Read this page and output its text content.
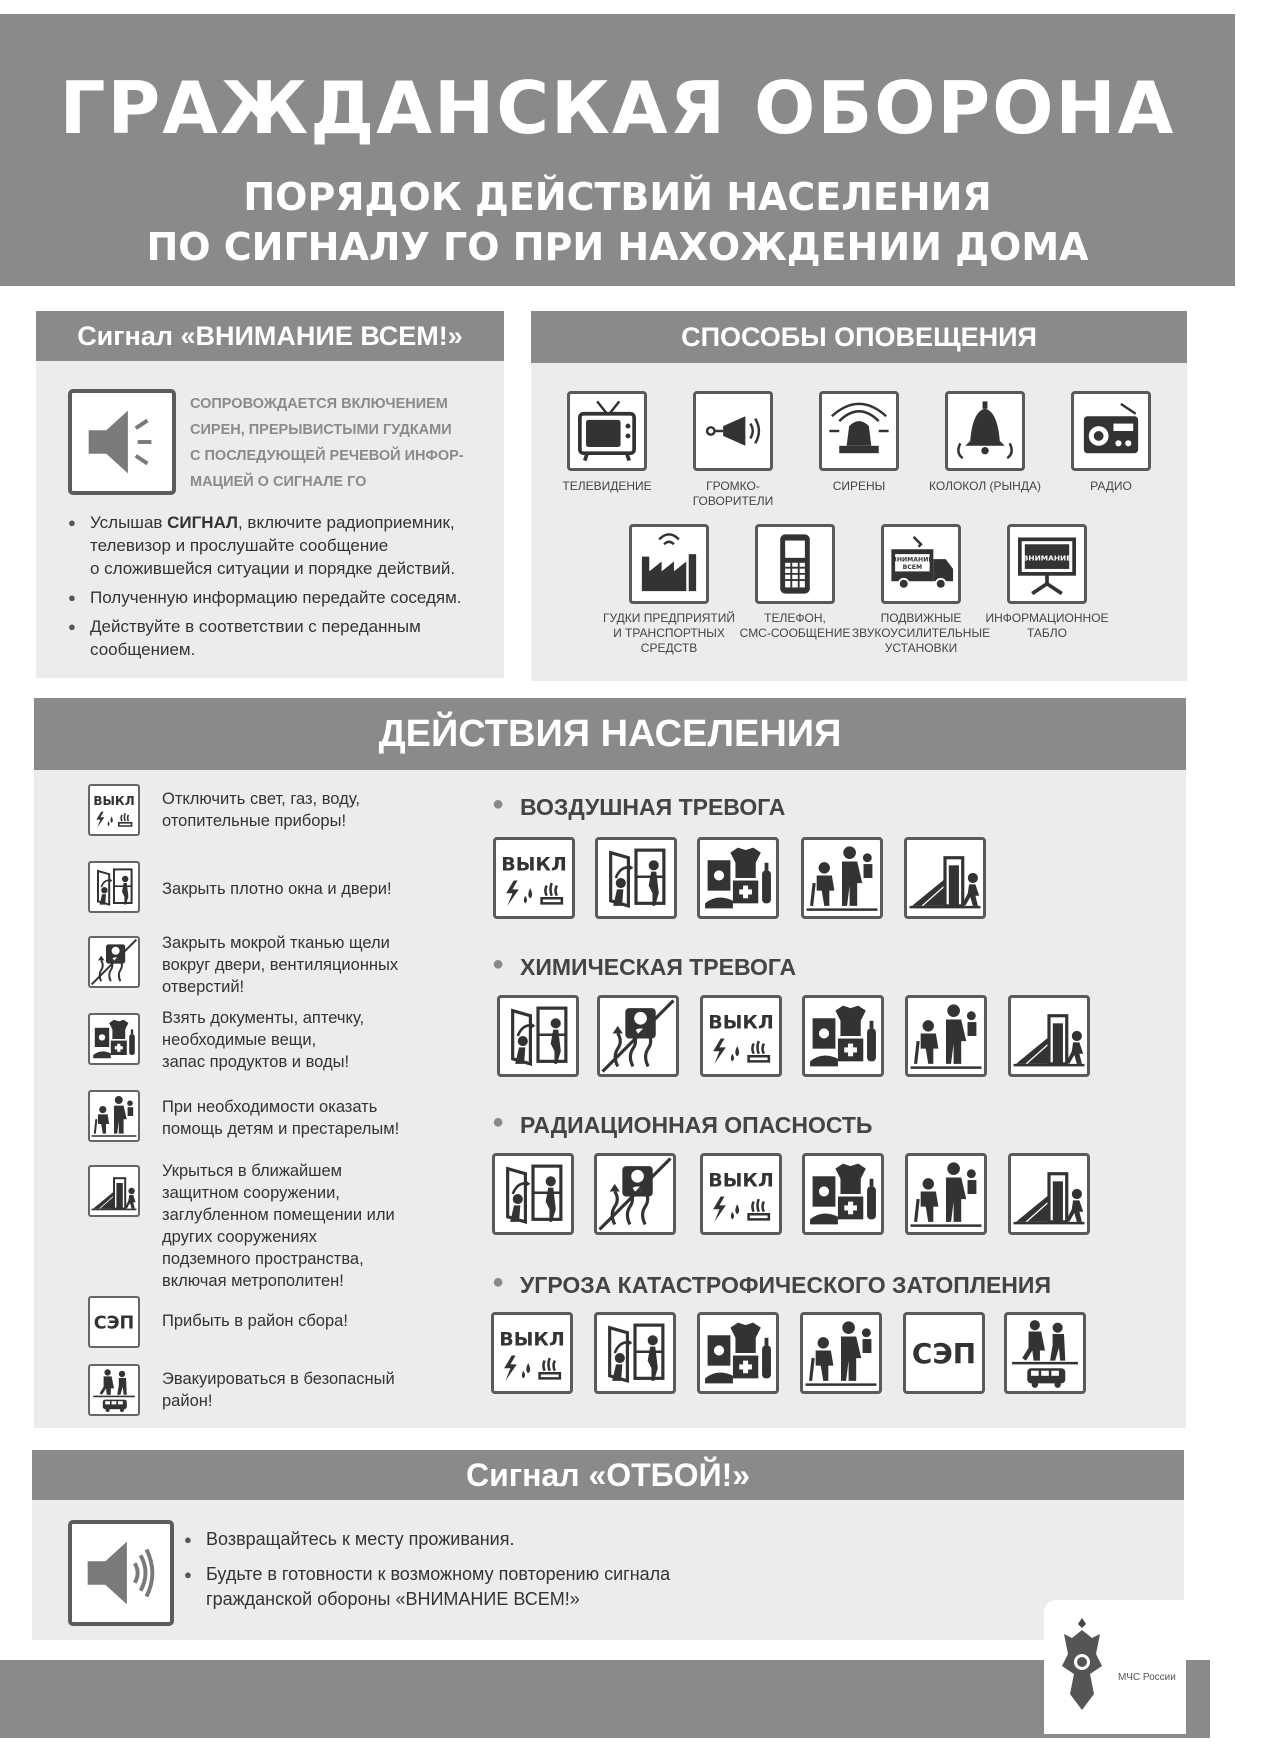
ГРАЖДАНСКАЯ ОБОРОНА
ПОРЯДОК ДЕЙСТВИЙ НАСЕЛЕНИЯ
ПО СИГНАЛУ ГО ПРИ НАХОЖДЕНИИ ДОМА
Сигнал «ВНИМАНИЕ ВСЕМ!»
СОПРОВОЖДАЕТСЯ ВКЛЮЧЕНИЕМ
СИРЕН, ПРЕРЫВИСТЫМИ ГУДКАМИ
С ПОСЛЕДУЮЩЕЙ РЕЧЕВОЙ ИНФОР-
МАЦИЕЙ О СИГНАЛЕ ГО
● Услышав СИГНАЛ, включите радиоприемник,
телевизор и прослушайте сообщение
о сложившейся ситуации и порядке действий.
● Полученную информацию передайте соседям.
● Действуйте в соответствии с переданным
сообщением.
СПОСОБЫ ОПОВЕЩЕНИЯ
ТЕЛЕВИДЕНИЕ	ГРОМКО-
ГОВОРИТЕЛИ
СИРЕНЫ	КОЛОКОЛ (РЫНДА)	РАДИО
ВНИМАНИЕ
ВСЕМ
ВНИМАНИЕ
ГУДКИ ПРЕДПРИЯТИЙ
И ТРАНСПОРТНЫХ
СРЕДСТВ
ТЕЛЕФОН,
СМС-СООБЩЕНИЕ
ПОДВИЖНЫЕ
ЗВУКОУСИЛИТЕЛЬНЫЕ
УСТАНОВКИ
ИНФОРМАЦИОННОЕ
ТАБЛО
ДЕЙСТВИЯ НАСЕЛЕНИЯ
Отключить свет, газ, воду,
отопительные приборы!
Закрыть плотно окна и двери!
Закрыть мокрой тканью щели
вокруг двери, вентиляционных
отверстий!
Взять документы, аптечку,
необходимые вещи,
запас продуктов и воды!
При необходимости оказать
помощь детям и престарелым!
Укрыться в ближайшем
защитном сооружении,
заглубленном помещении или
других сооружениях
подземного пространства,
включая метрополитен!
Прибыть в район сбора!
Эвакуироваться в безопасный
район!
● ВОЗДУШНАЯ ТРЕВОГА
● ХИМИЧЕСКАЯ ТРЕВОГА
● РАДИАЦИОННАЯ ОПАСНОСТЬ
● УГРОЗА КАТАСТРОФИЧЕСКОГО ЗАТОПЛЕНИЯ
Сигнал «ОТБОЙ!»
● Возвращайтесь к месту проживания.
● Будьте в готовности к возможному повторению сигнала
гражданской обороны «ВНИМАНИЕ ВСЕМ!»
МЧС России
